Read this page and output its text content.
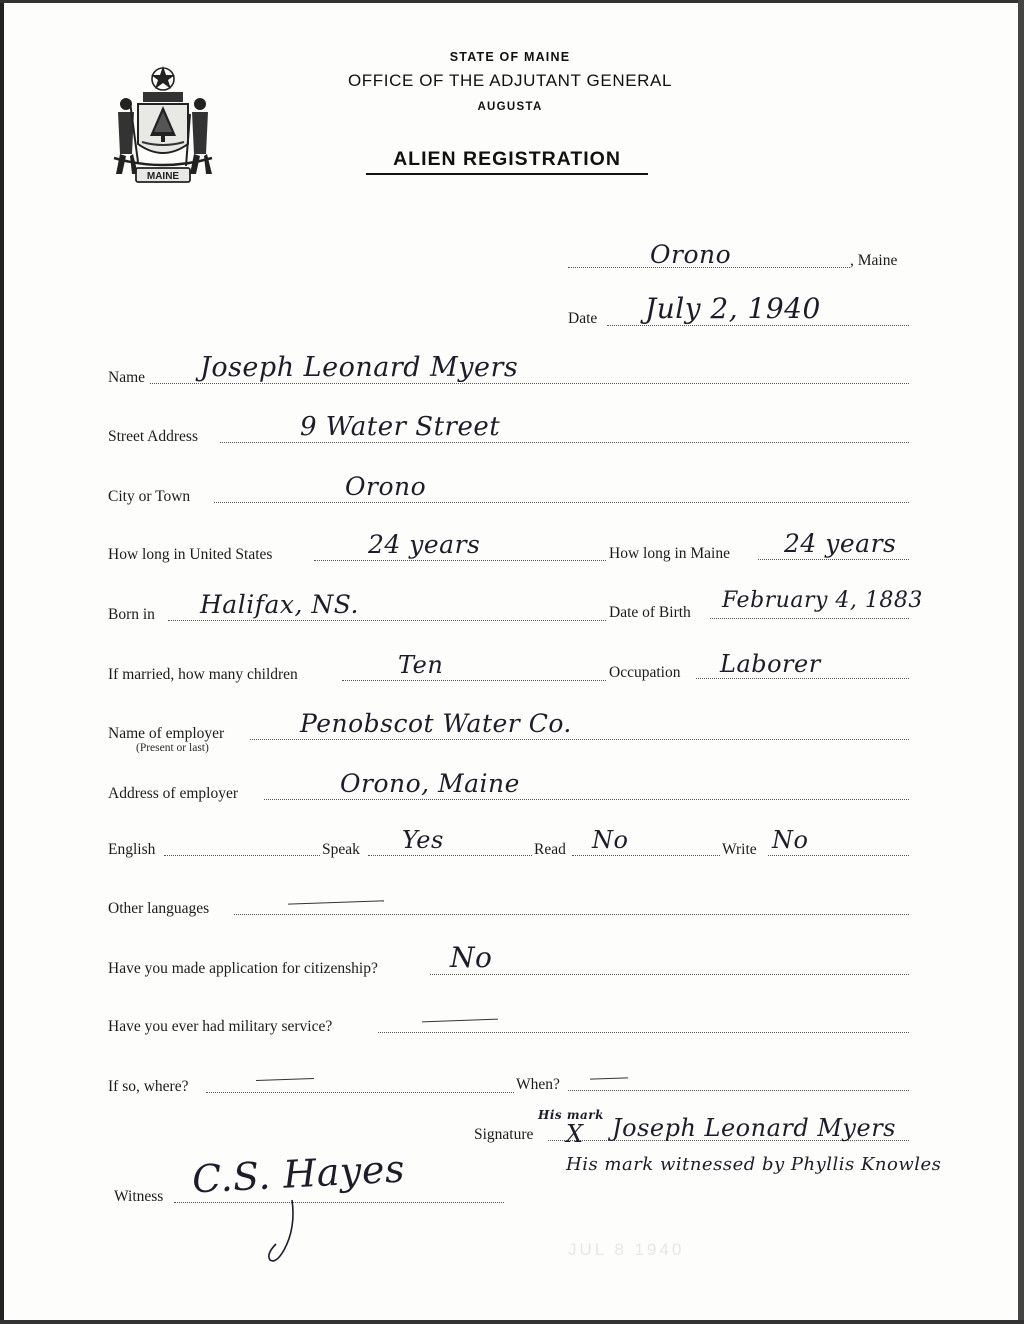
MAINE
STATE OF MAINE
OFFICE OF THE ADJUTANT GENERAL
AUGUSTA
ALIEN REGISTRATION
Orono	, Maine
Date July 2, 1940
Name Joseph Leonard Myers
Street Address	9 Water Street
City or Town	Orono
How long in United States	24 years	How long in Maine 24 years
Born in Halifax, NS.	Date of Birth February 4, 1883
If married, how many children	Ten	Occupation Laborer
Name of employer
(Present or last)
Penobscot Water Co.
Address of employer	Orono, Maine
English	Speak Yes	Read No	Write No
Other languages
Have you made application for citizenship?	No
Have you ever had military service?
If so, where?	When?
His mark
Signature X Joseph Leonard Myers
His mark witnessed by Phyllis Knowles
Witness C.S. Hayes
JUL 8 1940
